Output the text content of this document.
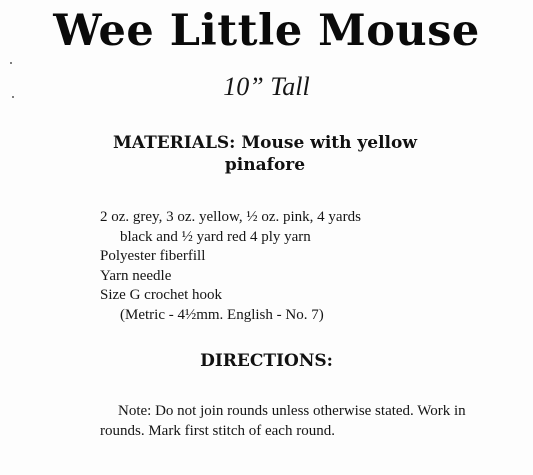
Wee Little Mouse
10” Tall
MATERIALS: Mouse with yellow
pinafore
2 oz. grey, 3 oz. yellow, ½ oz. pink, 4 yards
black and ½ yard red 4 ply yarn
Polyester fiberfill
Yarn needle
Size G crochet hook
(Metric - 4½mm. English - No. 7)
DIRECTIONS:

Note: Do not join rounds unless otherwise stated. Work in rounds. Mark first stitch of each round.
